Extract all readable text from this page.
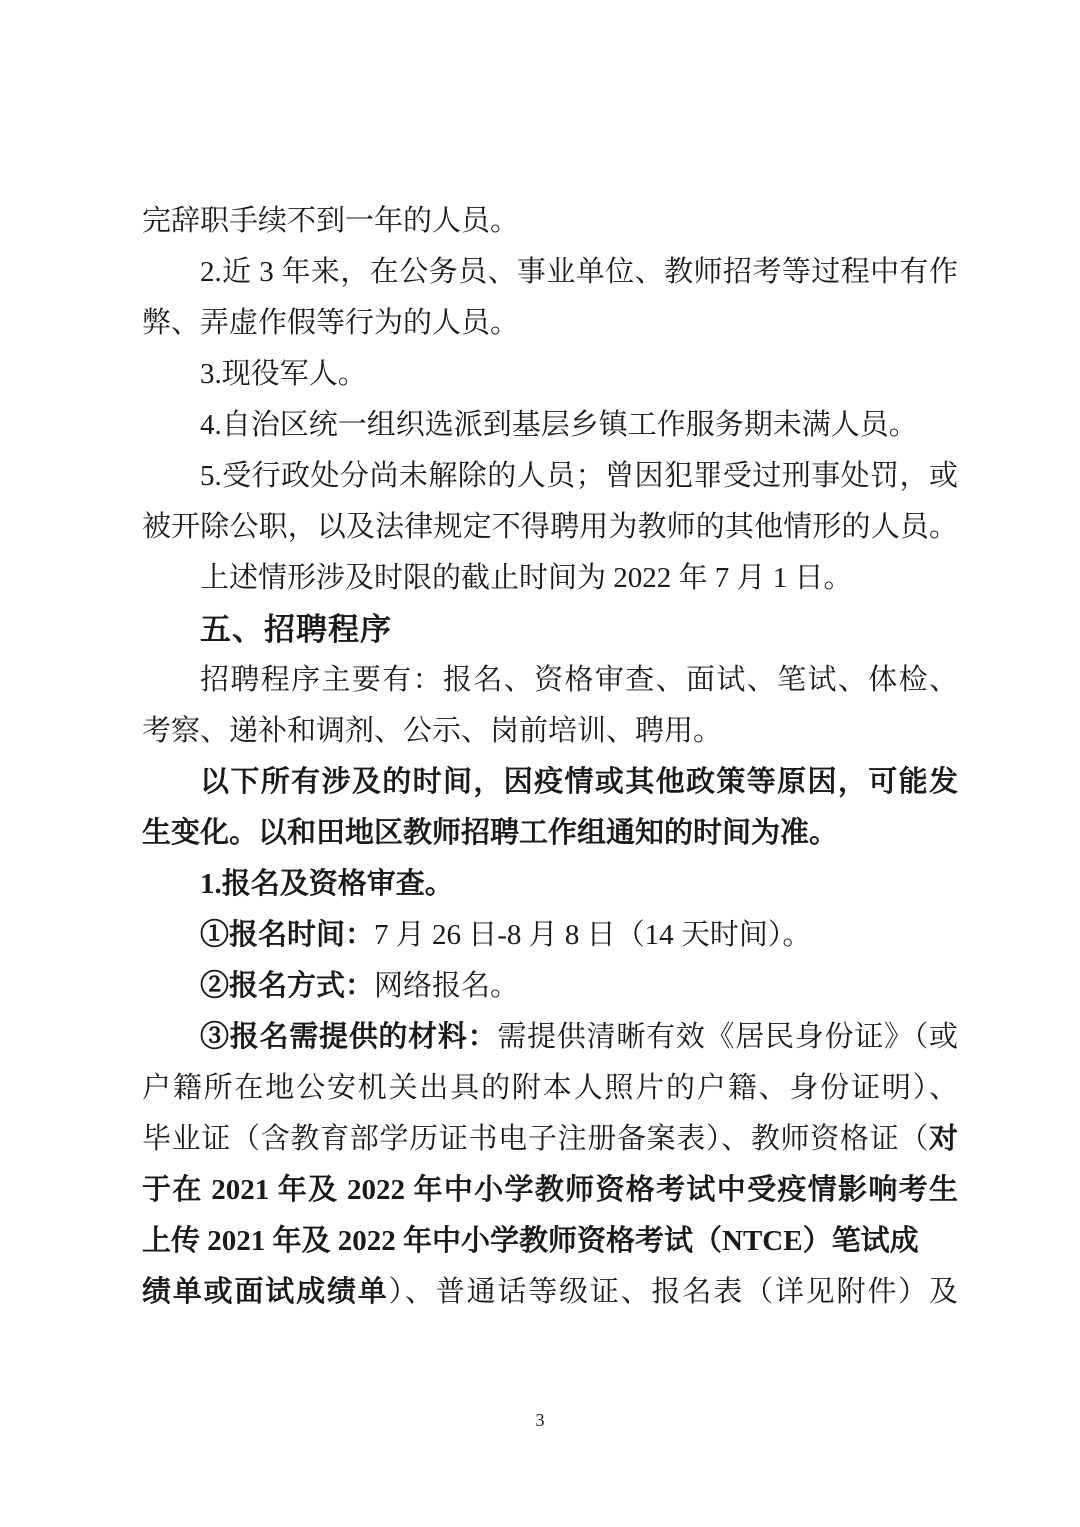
完辞职手续不到一年的人员。
2.近 3 年来，在公务员、事业单位、教师招考等过程中有作
弊、弄虚作假等行为的人员。
3.现役军人。
4.自治区统一组织选派到基层乡镇工作服务期未满人员。
5.受行政处分尚未解除的人员；曾因犯罪受过刑事处罚，或
被开除公职，以及法律规定不得聘用为教师的其他情形的人员。
上述情形涉及时限的截止时间为 2022 年 7 月 1 日。
五、招聘程序
招聘程序主要有：报名、资格审查、面试、笔试、体检、
考察、递补和调剂、公示、岗前培训、聘用。
以下所有涉及的时间，因疫情或其他政策等原因，可能发
生变化。以和田地区教师招聘工作组通知的时间为准。
1.报名及资格审查。
①报名时间：7 月 26 日-8 月 8 日（14 天时间）。
②报名方式：网络报名。
③报名需提供的材料：需提供清晰有效《居民身份证》（或
户籍所在地公安机关出具的附本人照片的户籍、身份证明）、
毕业证（含教育部学历证书电子注册备案表）、教师资格证（对
于在 2021 年及 2022 年中小学教师资格考试中受疫情影响考生
上传 2021 年及 2022 年中小学教师资格考试（NTCE）笔试成
绩单或面试成绩单）、普通话等级证、报名表（详见附件）及
3
